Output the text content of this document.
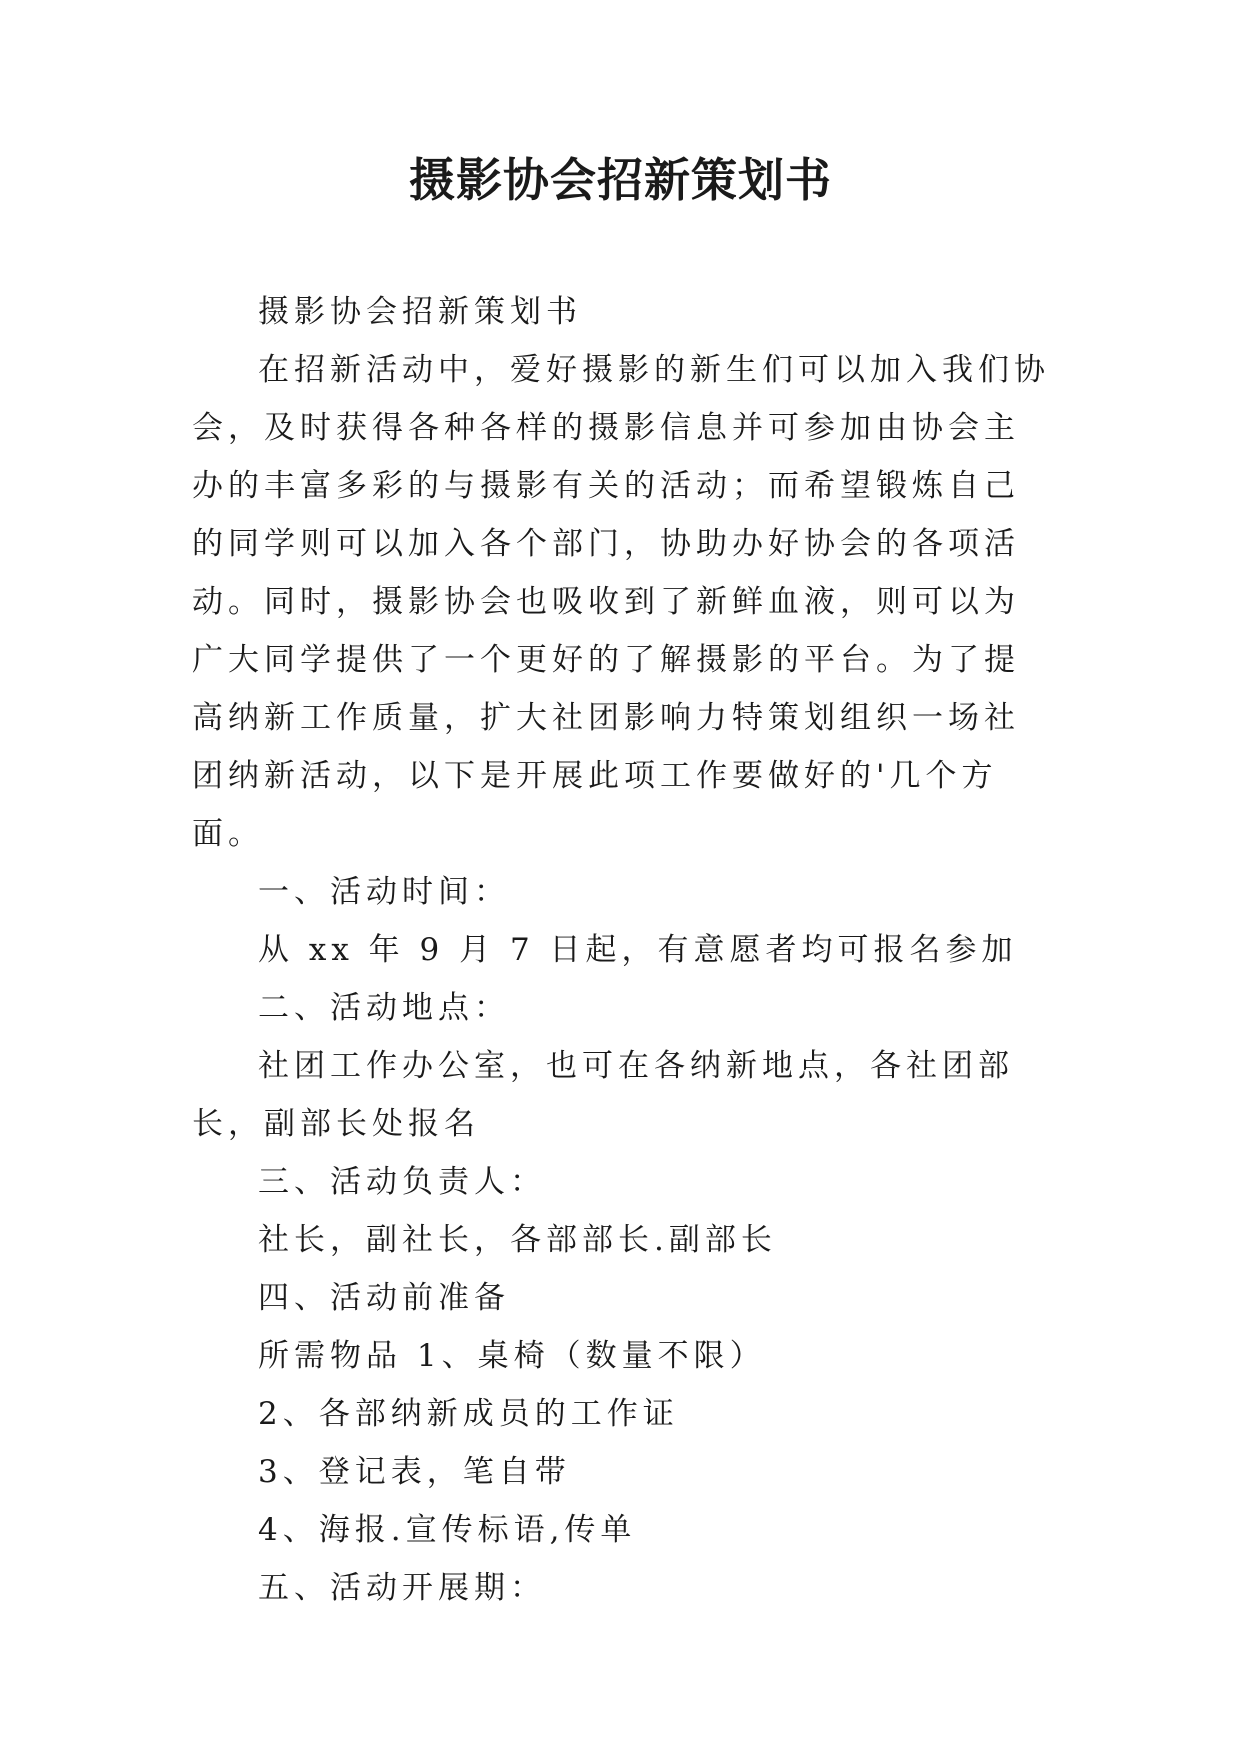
摄影协会招新策划书

摄影协会招新策划书

在招新活动中，爱好摄影的新生们可以加入我们协会，及时获得各种各样的摄影信息并可参加由协会主办的丰富多彩的与摄影有关的活动；而希望锻炼自己的同学则可以加入各个部门，协助办好协会的各项活动。同时，摄影协会也吸收到了新鲜血液，则可以为广大同学提供了一个更好的了解摄影的平台。为了提高纳新工作质量，扩大社团影响力特策划组织一场社团纳新活动，以下是开展此项工作要做好的'几个方面。

一、活动时间：

从 xx 年 9 月 7 日起，有意愿者均可报名参加

二、活动地点：

社团工作办公室，也可在各纳新地点，各社团部长，副部长处报名

三、活动负责人：

社长，副社长，各部部长.副部长

四、活动前准备

所需物品 1、桌椅（数量不限）

2、各部纳新成员的工作证

3、登记表，笔自带

4、海报.宣传标语,传单

五、活动开展期：
